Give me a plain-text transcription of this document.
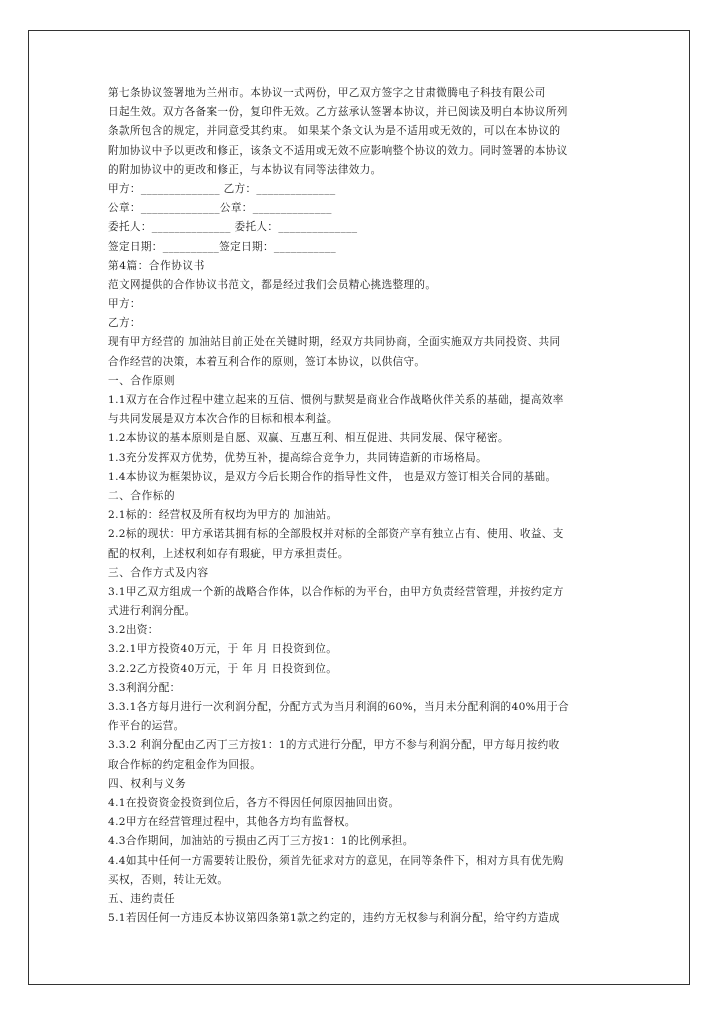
第七条协议签署地为兰州市。本协议一式两份，甲乙双方签字之甘肃微腾电子科技有限公司
日起生效。双方各备案一份，复印件无效。乙方兹承认签署本协议，并已阅读及明白本协议所列
条款所包含的规定，并同意受其约束。 如果某个条文认为是不适用或无效的，可以在本协议的
附加协议中予以更改和修正，该条文不适用或无效不应影响整个协议的效力。同时签署的本协议
的附加协议中的更改和修正，与本协议有同等法律效力。
甲方：______________ 乙方：______________
公章：______________公章：______________
委托人：______________ 委托人：______________
签定日期：__________签定日期：___________
第4篇：合作协议书
范文网提供的合作协议书范文，都是经过我们会员精心挑选整理的。
甲方：
乙方：
现有甲方经营的 加油站目前正处在关键时期，经双方共同协商，全面实施双方共同投资、共同
合作经营的决策，本着互利合作的原则，签订本协议，以供信守。
一、合作原则
1.1双方在合作过程中建立起来的互信、惯例与默契是商业合作战略伙伴关系的基础，提高效率
与共同发展是双方本次合作的目标和根本利益。
1.2本协议的基本原则是自愿、双赢、互惠互利、相互促进、共同发展、保守秘密。
1.3充分发挥双方优势，优势互补，提高综合竞争力，共同铸造新的市场格局。
1.4本协议为框架协议，是双方今后长期合作的指导性文件， 也是双方签订相关合同的基础。
二、合作标的
2.1标的：经营权及所有权均为甲方的 加油站。
2.2标的现状：甲方承诺其拥有标的全部股权并对标的全部资产享有独立占有、使用、收益、支
配的权利，上述权利如存有瑕疵，甲方承担责任。
三、合作方式及内容
3.1甲乙双方组成一个新的战略合作体，以合作标的为平台，由甲方负责经营管理，并按约定方
式进行利润分配。
3.2出资：
3.2.1甲方投资40万元，于 年 月 日投资到位。
3.2.2乙方投资40万元，于 年 月 日投资到位。
3.3利润分配：
3.3.1各方每月进行一次利润分配，分配方式为当月利润的60%，当月未分配利润的40%用于合
作平台的运营。
3.3.2 利润分配由乙丙丁三方按1：1的方式进行分配，甲方不参与利润分配，甲方每月按约收
取合作标的约定租金作为回报。
四、权利与义务
4.1在投资资金投资到位后，各方不得因任何原因抽回出资。
4.2甲方在经营管理过程中，其他各方均有监督权。
4.3合作期间，加油站的亏损由乙丙丁三方按1：1的比例承担。
4.4如其中任何一方需要转让股份，须首先征求对方的意见，在同等条件下，相对方具有优先购
买权，否则，转让无效。
五、违约责任
5.1若因任何一方违反本协议第四条第1款之约定的，违约方无权参与利润分配，给守约方造成
